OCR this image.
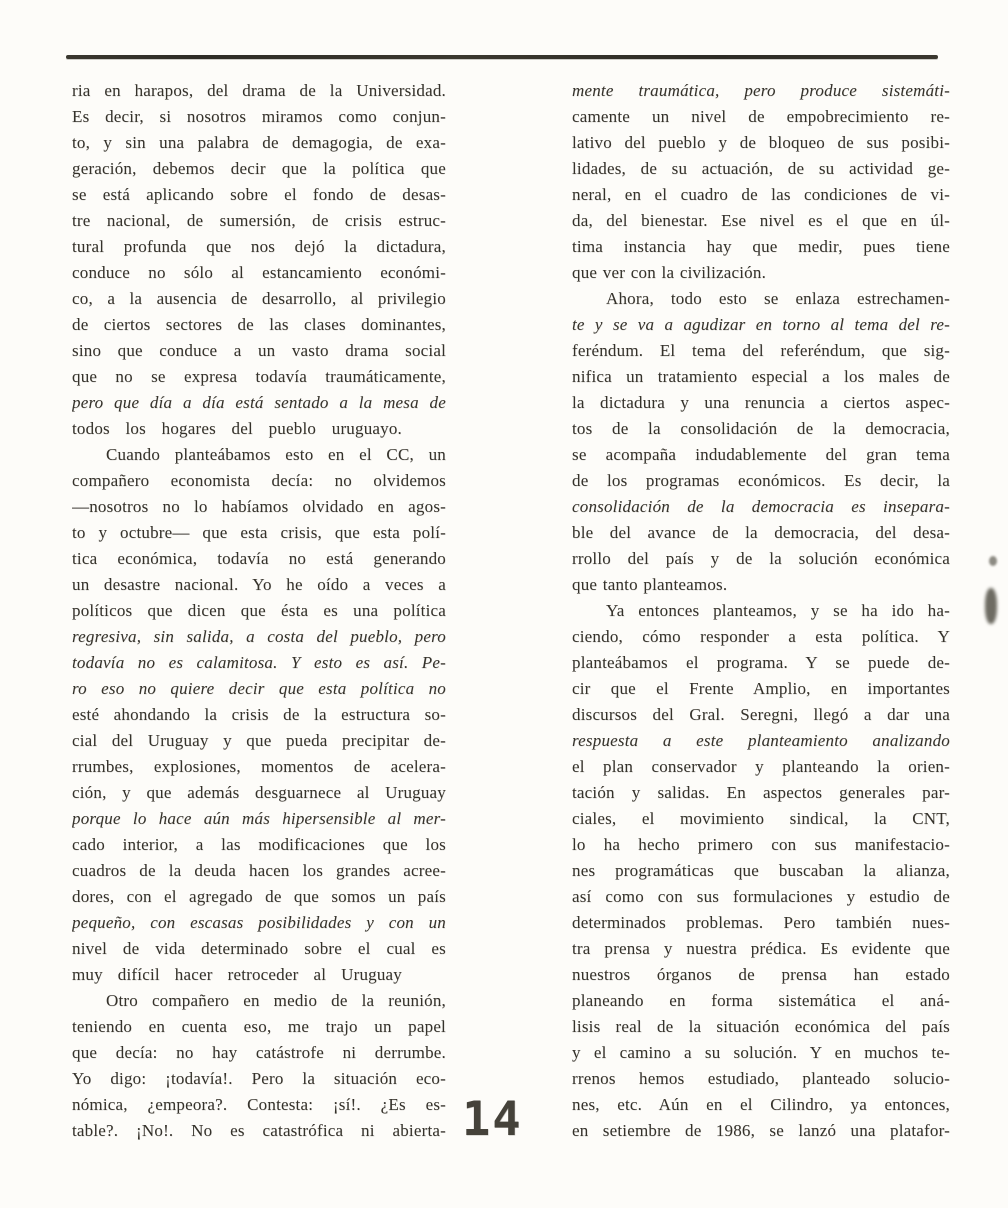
ria en harapos, del drama de la Universidad.
Es decir, si nosotros miramos como conjun-
to, y sin una palabra de demagogia, de exa-
geración, debemos decir que la política que
se está aplicando sobre el fondo de desas-
tre nacional, de sumersión, de crisis estruc-
tural profunda que nos dejó la dictadura,
conduce no sólo al estancamiento económi-
co, a la ausencia de desarrollo, al privilegio
de ciertos sectores de las clases dominantes,
sino que conduce a un vasto drama social
que no se expresa todavía traumáticamente,
pero que día a día está sentado a la mesa de
todos los hogares del pueblo uruguayo.
Cuando planteábamos esto en el CC, un
compañero economista decía: no olvidemos
—nosotros no lo habíamos olvidado en agos-
to y octubre— que esta crisis, que esta polí-
tica económica, todavía no está generando
un desastre nacional. Yo he oído a veces a
políticos que dicen que ésta es una política
regresiva, sin salida, a costa del pueblo, pero
todavía no es calamitosa. Y esto es así. Pe-
ro eso no quiere decir que esta política no
esté ahondando la crisis de la estructura so-
cial del Uruguay y que pueda precipitar de-
rrumbes, explosiones, momentos de acelera-
ción, y que además desguarnece al Uruguay
porque lo hace aún más hipersensible al mer-
cado interior, a las modificaciones que los
cuadros de la deuda hacen los grandes acree-
dores, con el agregado de que somos un país
pequeño, con escasas posibilidades y con un
nivel de vida determinado sobre el cual es
muy difícil hacer retroceder al Uruguay
Otro compañero en medio de la reunión,
teniendo en cuenta eso, me trajo un papel
que decía: no hay catástrofe ni derrumbe.
Yo digo: ¡todavía!. Pero la situación eco-
nómica, ¿empeora?. Contesta: ¡sí!. ¿Es es-
table?. ¡No!. No es catastrófica ni abierta-
mente traumática, pero produce sistemáti-
camente un nivel de empobrecimiento re-
lativo del pueblo y de bloqueo de sus posibi-
lidades, de su actuación, de su actividad ge-
neral, en el cuadro de las condiciones de vi-
da, del bienestar. Ese nivel es el que en úl-
tima instancia hay que medir, pues tiene
que ver con la civilización.
Ahora, todo esto se enlaza estrechamen-
te y se va a agudizar en torno al tema del re-
feréndum. El tema del referéndum, que sig-
nifica un tratamiento especial a los males de
la dictadura y una renuncia a ciertos aspec-
tos de la consolidación de la democracia,
se acompaña indudablemente del gran tema
de los programas económicos. Es decir, la
consolidación de la democracia es insepara-
ble del avance de la democracia, del desa-
rrollo del país y de la solución económica
que tanto planteamos.
Ya entonces planteamos, y se ha ido ha-
ciendo, cómo responder a esta política. Y
planteábamos el programa. Y se puede de-
cir que el Frente Amplio, en importantes
discursos del Gral. Seregni, llegó a dar una
respuesta a este planteamiento analizando
el plan conservador y planteando la orien-
tación y salidas. En aspectos generales par-
ciales, el movimiento sindical, la CNT,
lo ha hecho primero con sus manifestacio-
nes programáticas que buscaban la alianza,
así como con sus formulaciones y estudio de
determinados problemas. Pero también nues-
tra prensa y nuestra prédica. Es evidente que
nuestros órganos de prensa han estado
planeando en forma sistemática el aná-
lisis real de la situación económica del país
y el camino a su solución. Y en muchos te-
rrenos hemos estudiado, planteado solucio-
nes, etc. Aún en el Cilindro, ya entonces,
en setiembre de 1986, se lanzó una platafor-
14
